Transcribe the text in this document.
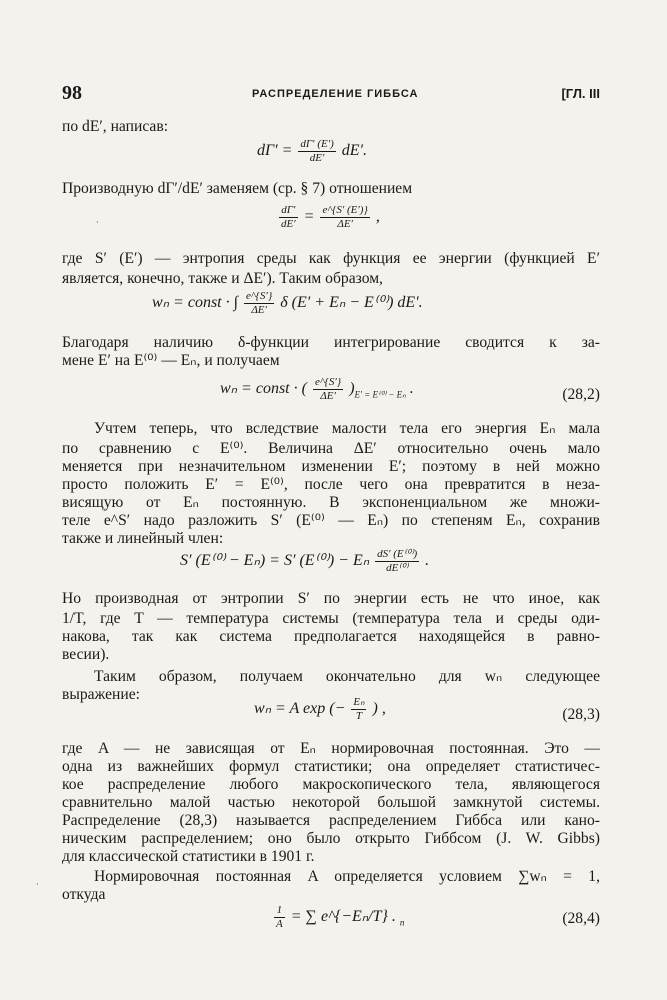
98	РАСПРЕДЕЛЕНИЕ ГИББСА	[ГЛ. III
по dE′, написав:
$d\Gamma' = \frac{d\Gamma' (E')}{dE'} dE'$.
Производную dΓ′/dE′ заменяем (ср. § 7) отношением
$\frac{d\Gamma'}{dE'} = \frac{e\^{}\{S' (E')\}}{\Delta E'}$ ,
где S′ (E′) — энтропия среды как функция ее энергии (функцией E′
является, конечно, также и ΔE′). Таким образом,
wₙ = const · ∫ $\frac{e\^{}\{S'\}}{\Delta E'}$ δ (E′ + Eₙ − E⁽⁰⁾) dE′.
Благодаря наличию δ-функции интегрирование сводится к за-
мене E′ на E⁽⁰⁾ — Eₙ, и получаем
wₙ = const · ( $\frac{e\^{}\{S'\}}{\Delta E'} )_{E' = E^{(0)} - E_n}$ .	(28,2)
Учтем теперь, что вследствие малости тела его энергия Eₙ мала
по сравнению с E⁽⁰⁾. Величина ΔE′ относительно очень мало
меняется при незначительном изменении E′; поэтому в ней можно
просто положить E′ = E⁽⁰⁾, после чего она превратится в неза-
висящую от Eₙ постоянную. В экспоненциальном же множи-
теле e^S′ надо разложить S′ (E⁽⁰⁾ — Eₙ) по степеням Eₙ, сохранив
также и линейный член:
S′ (E⁽⁰⁾ − Eₙ) = S′ (E⁽⁰⁾) − Eₙ $\frac{\text{dS′ (E⁽⁰⁾)}}{\text{dE⁽⁰⁾}}$ .
Но производная от энтропии S′ по энергии есть не что иное, как
1/T, где T — температура системы (температура тела и среды оди-
накова, так как система предполагается находящейся в равно-
весии).
Таким образом, получаем окончательно для wₙ следующее
выражение:
wₙ = A exp (− $\frac{\text{Eₙ}}{T}$ ) ,	(28,3)
где A — не зависящая от Eₙ нормировочная постоянная. Это —
одна из важнейших формул статистики; она определяет статистичес-
кое распределение любого макроскопического тела, являющегося
сравнительно малой частью некоторой большой замкнутой системы.
Распределение (28,3) называется распределением Гиббса или кано-
ническим распределением; оно было открыто Гиббсом (J. W. Gibbs)
для классической статистики в 1901 г.
Нормировочная постоянная A определяется условием ∑wₙ = 1,
откуда
$\frac{1}{A}$ = ∑ e^{−Eₙ/T} . $_n$	(28,4)
·
·
